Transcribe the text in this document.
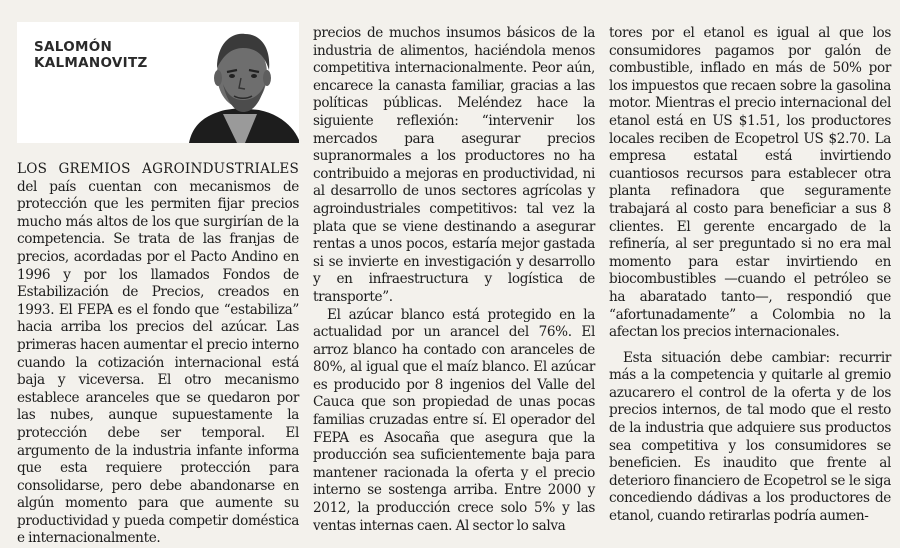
SALOMÓN
KALMANOVITZ

LOS GREMIOS AGROINDUSTRIALES del país cuentan con mecanismos de protección que les permiten fijar precios mucho más altos de los que surgirían de la competencia. Se trata de las franjas de precios, acordadas por el Pacto Andino en 1996 y por los llamados Fondos de Estabilización de Precios, creados en 1993. El FEPA es el fondo que “estabiliza” hacia arriba los precios del azúcar. Las primeras hacen aumentar el precio interno cuando la cotización internacional está baja y viceversa. El otro mecanismo establece aranceles que se quedaron por las nubes, aunque supuestamente la protección debe ser temporal. El argumento de la industria infante informa que esta requiere protección para consolidarse, pero debe abandonarse en algún momento para que aumente su productividad y pueda competir doméstica e internacionalmente.

precios de muchos insumos básicos de la industria de alimentos, haciéndola menos competitiva internacionalmente. Peor aún, encarece la canasta familiar, gracias a las políticas públicas. Meléndez hace la siguiente reflexión: “intervenir los mercados para asegurar precios supranormales a los productores no ha contribuido a mejoras en productividad, ni al desarrollo de unos sectores agrícolas y agroindustriales competitivos: tal vez la plata que se viene destinando a asegurar rentas a unos pocos, estaría mejor gastada si se invierte en investigación y desarrollo y en infraestructura y logística de transporte”.

El azúcar blanco está protegido en la actualidad por un arancel del 76%. El arroz blanco ha contado con aranceles de 80%, al igual que el maíz blanco. El azúcar es producido por 8 ingenios del Valle del Cauca que son propiedad de unas pocas familias cruzadas entre sí. El operador del FEPA es Asocaña que asegura que la producción sea suficientemente baja para mantener racionada la oferta y el precio interno se sostenga arriba. Entre 2000 y 2012, la producción crece solo 5% y las ventas internas caen. Al sector lo salva

tores por el etanol es igual al que los consumidores pagamos por galón de combustible, inflado en más de 50% por los impuestos que recaen sobre la gasolina motor. Mientras el precio internacional del etanol está en US $1.51, los productores locales reciben de Ecopetrol US $2.70. La empresa estatal está invirtiendo cuantiosos recursos para establecer otra planta refinadora que seguramente trabajará al costo para beneficiar a sus 8 clientes. El gerente encargado de la refinería, al ser preguntado si no era mal momento para estar invirtiendo en biocombustibles —cuando el petróleo se ha abaratado tanto—, respondió que “afortunadamente” a Colombia no la afectan los precios internacionales.

Esta situación debe cambiar: recurrir más a la competencia y quitarle al gremio azucarero el control de la oferta y de los precios internos, de tal modo que el resto de la industria que adquiere sus productos sea competitiva y los consumidores se beneficien. Es inaudito que frente al deterioro financiero de Ecopetrol se le siga concediendo dádivas a los productores de etanol, cuando retirarlas podría aumen-
